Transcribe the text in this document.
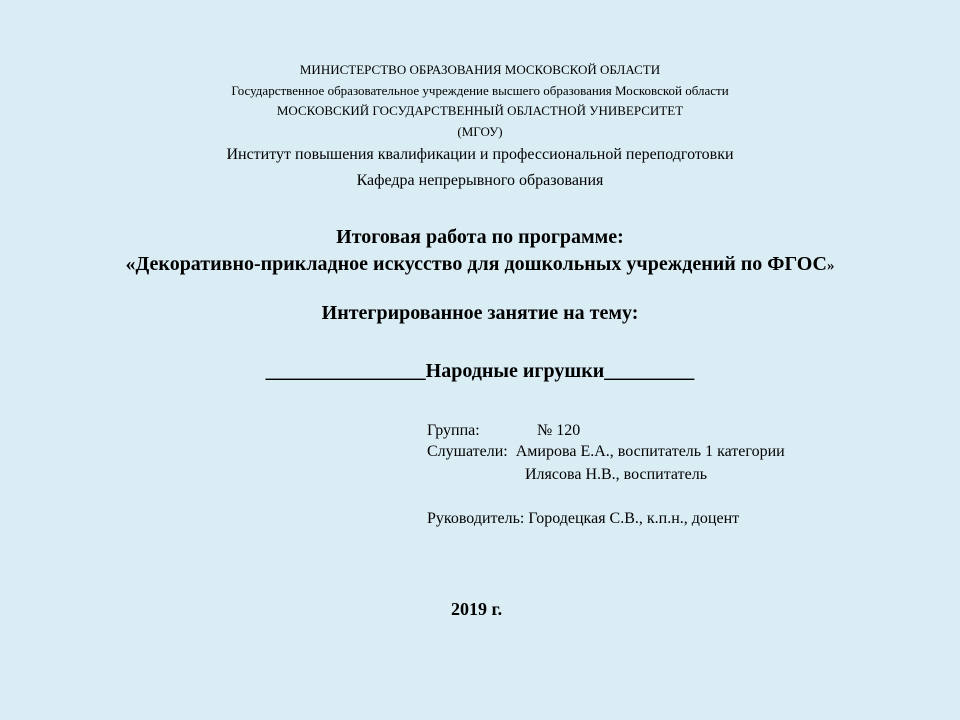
МИНИСТЕРСТВО ОБРАЗОВАНИЯ МОСКОВСКОЙ ОБЛАСТИ
Государственное образовательное учреждение высшего образования Московской области
МОСКОВСКИЙ ГОСУДАРСТВЕННЫЙ ОБЛАСТНОЙ УНИВЕРСИТЕТ
(МГОУ)
Институт повышения квалификации и профессиональной переподготовки
Кафедра непрерывного образования
Итоговая работа по программе:
«Декоративно-прикладное искусство для дошкольных учреждений по ФГОС»
Интегрированное занятие на тему:
________________Народные игрушки_________
Группа:	№ 120
Слушатели: Амирова Е.А., воспитатель 1 категории
Илясова Н.В., воспитатель
Руководитель: Городецкая С.В., к.п.н., доцент
2019 г.
